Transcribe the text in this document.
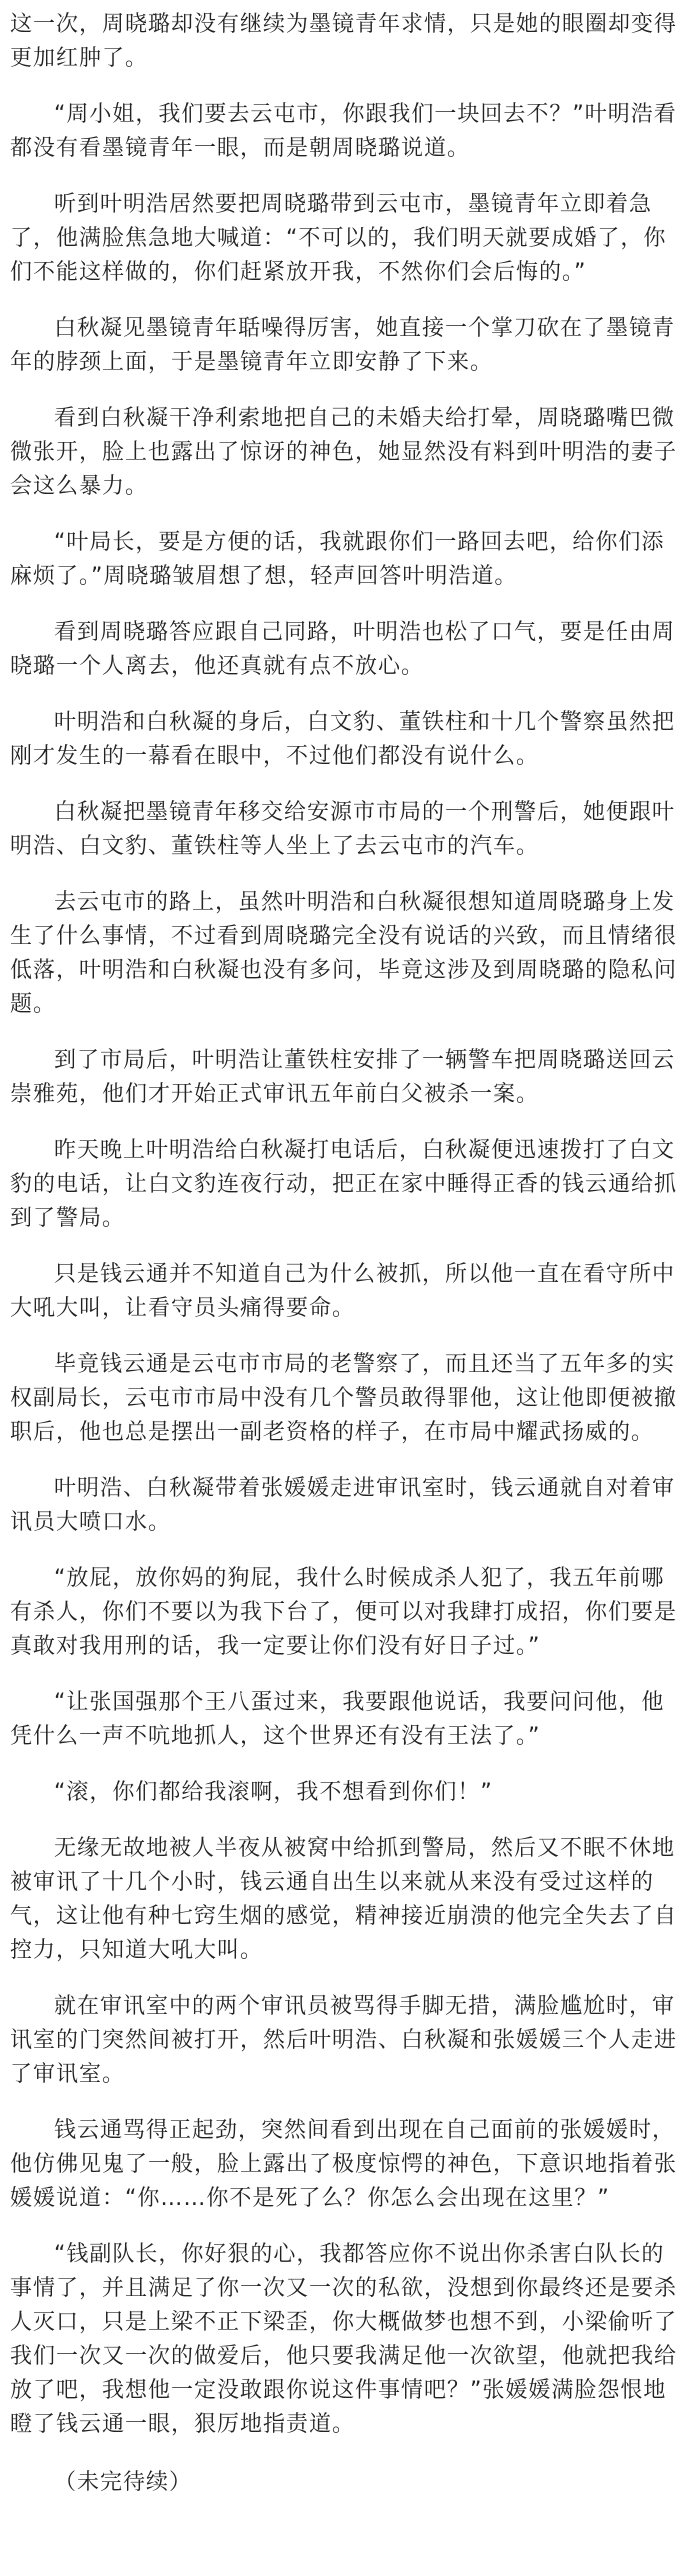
这一次，周晓璐却没有继续为墨镜青年求情，只是她的眼圈却变得更加红肿了。

“周小姐，我们要去云屯市，你跟我们一块回去不？”叶明浩看都没有看墨镜青年一眼，而是朝周晓璐说道。

听到叶明浩居然要把周晓璐带到云屯市，墨镜青年立即着急了，他满脸焦急地大喊道：“不可以的，我们明天就要成婚了，你们不能这样做的，你们赶紧放开我，不然你们会后悔的。”

白秋凝见墨镜青年聒噪得厉害，她直接一个掌刀砍在了墨镜青年的脖颈上面，于是墨镜青年立即安静了下来。

看到白秋凝干净利索地把自己的未婚夫给打晕，周晓璐嘴巴微微张开，脸上也露出了惊讶的神色，她显然没有料到叶明浩的妻子会这么暴力。

“叶局长，要是方便的话，我就跟你们一路回去吧，给你们添麻烦了。”周晓璐皱眉想了想，轻声回答叶明浩道。

看到周晓璐答应跟自己同路，叶明浩也松了口气，要是任由周晓璐一个人离去，他还真就有点不放心。

叶明浩和白秋凝的身后，白文豹、董铁柱和十几个警察虽然把刚才发生的一幕看在眼中，不过他们都没有说什么。

白秋凝把墨镜青年移交给安源市市局的一个刑警后，她便跟叶明浩、白文豹、董铁柱等人坐上了去云屯市的汽车。

去云屯市的路上，虽然叶明浩和白秋凝很想知道周晓璐身上发生了什么事情，不过看到周晓璐完全没有说话的兴致，而且情绪很低落，叶明浩和白秋凝也没有多问，毕竟这涉及到周晓璐的隐私问题。

到了市局后，叶明浩让董铁柱安排了一辆警车把周晓璐送回云崇雅苑，他们才开始正式审讯五年前白父被杀一案。

昨天晚上叶明浩给白秋凝打电话后，白秋凝便迅速拨打了白文豹的电话，让白文豹连夜行动，把正在家中睡得正香的钱云通给抓到了警局。

只是钱云通并不知道自己为什么被抓，所以他一直在看守所中大吼大叫，让看守员头痛得要命。

毕竟钱云通是云屯市市局的老警察了，而且还当了五年多的实权副局长，云屯市市局中没有几个警员敢得罪他，这让他即便被撤职后，他也总是摆出一副老资格的样子，在市局中耀武扬威的。

叶明浩、白秋凝带着张媛媛走进审讯室时，钱云通就自对着审讯员大喷口水。

“放屁，放你妈的狗屁，我什么时候成杀人犯了，我五年前哪有杀人，你们不要以为我下台了，便可以对我肆打成招，你们要是真敢对我用刑的话，我一定要让你们没有好日子过。”

“让张国强那个王八蛋过来，我要跟他说话，我要问问他，他凭什么一声不吭地抓人，这个世界还有没有王法了。”

“滚，你们都给我滚啊，我不想看到你们！”

无缘无故地被人半夜从被窝中给抓到警局，然后又不眠不休地被审讯了十几个小时，钱云通自出生以来就从来没有受过这样的气，这让他有种七窍生烟的感觉，精神接近崩溃的他完全失去了自控力，只知道大吼大叫。

就在审讯室中的两个审讯员被骂得手脚无措，满脸尴尬时，审讯室的门突然间被打开，然后叶明浩、白秋凝和张媛媛三个人走进了审讯室。

钱云通骂得正起劲，突然间看到出现在自己面前的张媛媛时，他仿佛见鬼了一般，脸上露出了极度惊愕的神色，下意识地指着张媛媛说道：“你……你不是死了么？你怎么会出现在这里？”

“钱副队长，你好狠的心，我都答应你不说出你杀害白队长的事情了，并且满足了你一次又一次的私欲，没想到你最终还是要杀人灭口，只是上梁不正下梁歪，你大概做梦也想不到，小梁偷听了我们一次又一次的做爱后，他只要我满足他一次欲望，他就把我给放了吧，我想他一定没敢跟你说这件事情吧？”张媛媛满脸怨恨地瞪了钱云通一眼，狠厉地指责道。

（未完待续）
